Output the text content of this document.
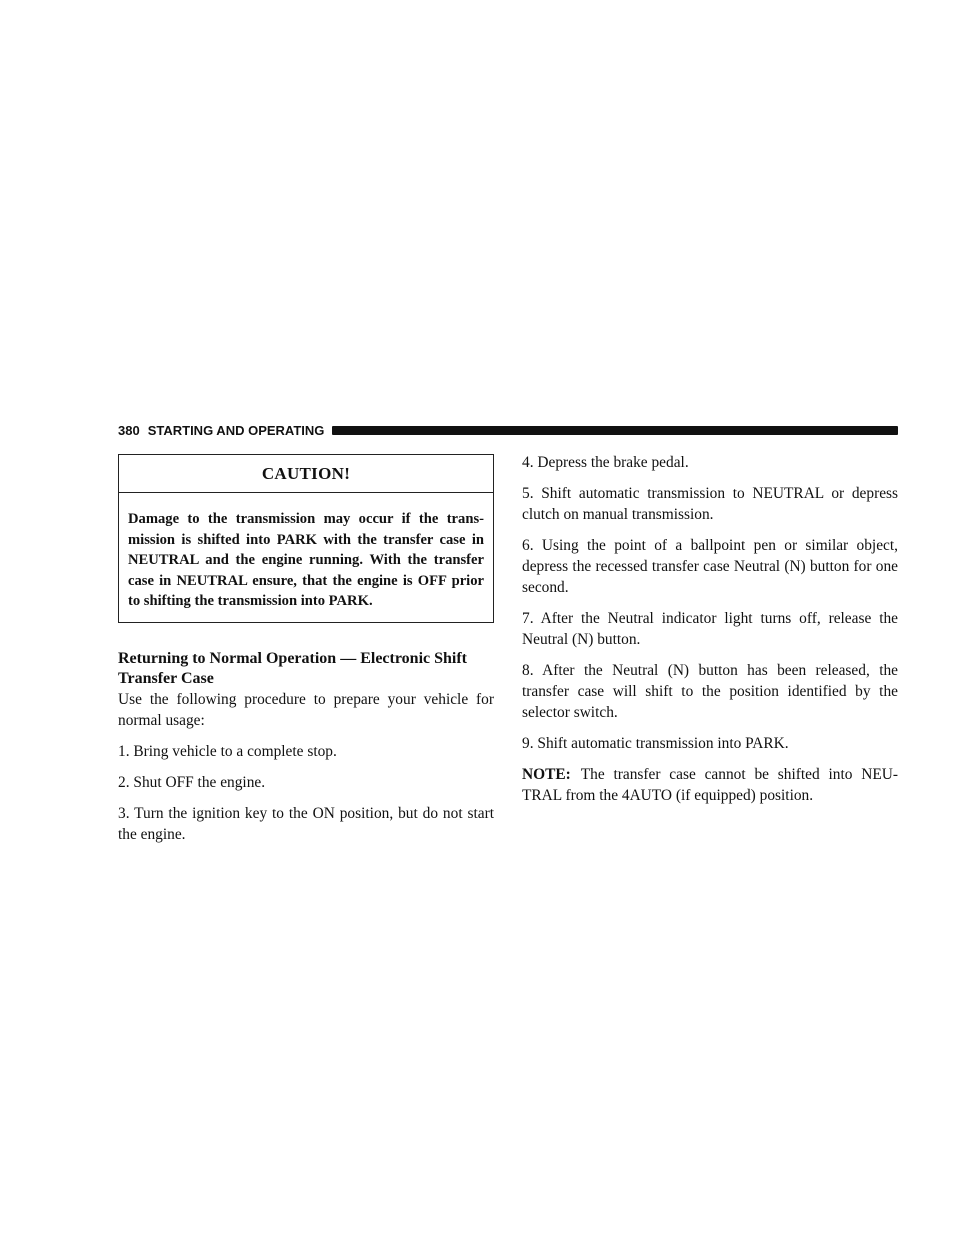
380 STARTING AND OPERATING
CAUTION!
Damage to the transmission may occur if the trans-mission is shifted into PARK with the transfer case in NEUTRAL and the engine running. With the transfer case in NEUTRAL ensure, that the engine is OFF prior to shifting the transmission into PARK.
Returning to Normal Operation — Electronic Shift
Transfer Case

Use the following procedure to prepare your vehicle for normal usage:

1. Bring vehicle to a complete stop.

2. Shut OFF the engine.

3. Turn the ignition key to the ON position, but do not start the engine.

4. Depress the brake pedal.

5. Shift automatic transmission to NEUTRAL or depress clutch on manual transmission.

6. Using the point of a ballpoint pen or similar object, depress the recessed transfer case Neutral (N) button for one second.

7. After the Neutral indicator light turns off, release the Neutral (N) button.

8. After the Neutral (N) button has been released, the transfer case will shift to the position identified by the selector switch.

9. Shift automatic transmission into PARK.

NOTE: The transfer case cannot be shifted into NEU-TRAL from the 4AUTO (if equipped) position.
